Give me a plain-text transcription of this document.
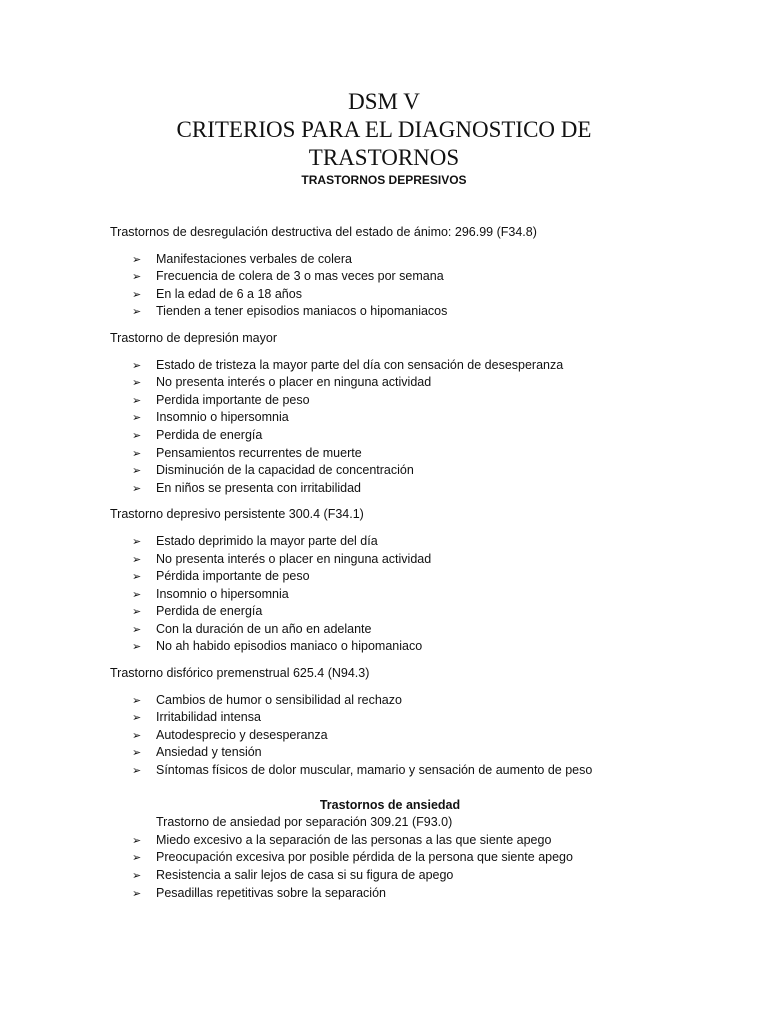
DSM V
CRITERIOS PARA EL DIAGNOSTICO DE
TRASTORNOS
TRASTORNOS DEPRESIVOS

Trastornos de desregulación destructiva del estado de ánimo: 296.99 (F34.8)

➢ Manifestaciones verbales de colera
➢ Frecuencia de colera de 3 o mas veces por semana
➢ En la edad de 6 a 18 años
➢ Tienden a tener episodios maniacos o hipomaniacos

Trastorno de depresión mayor

➢ Estado de tristeza la mayor parte del día con sensación de desesperanza
➢ No presenta interés o placer en ninguna actividad
➢ Perdida importante de peso
➢ Insomnio o hipersomnia
➢ Perdida de energía
➢ Pensamientos recurrentes de muerte
➢ Disminución de la capacidad de concentración
➢ En niños se presenta con irritabilidad

Trastorno depresivo persistente 300.4 (F34.1)

➢ Estado deprimido la mayor parte del día
➢ No presenta interés o placer en ninguna actividad
➢ Pérdida importante de peso
➢ Insomnio o hipersomnia
➢ Perdida de energía
➢ Con la duración de un año en adelante
➢ No ah habido episodios maniaco o hipomaniaco

Trastorno disfórico premenstrual 625.4 (N94.3)

➢ Cambios de humor o sensibilidad al rechazo
➢ Irritabilidad intensa
➢ Autodesprecio y desesperanza
➢ Ansiedad y tensión
➢ Síntomas físicos de dolor muscular, mamario y sensación de aumento de peso

Trastornos de ansiedad

Trastorno de ansiedad por separación 309.21 (F93.0)

➢ Miedo excesivo a la separación de las personas a las que siente apego
➢ Preocupación excesiva por posible pérdida de la persona que siente apego
➢ Resistencia a salir lejos de casa si su figura de apego
➢ Pesadillas repetitivas sobre la separación
